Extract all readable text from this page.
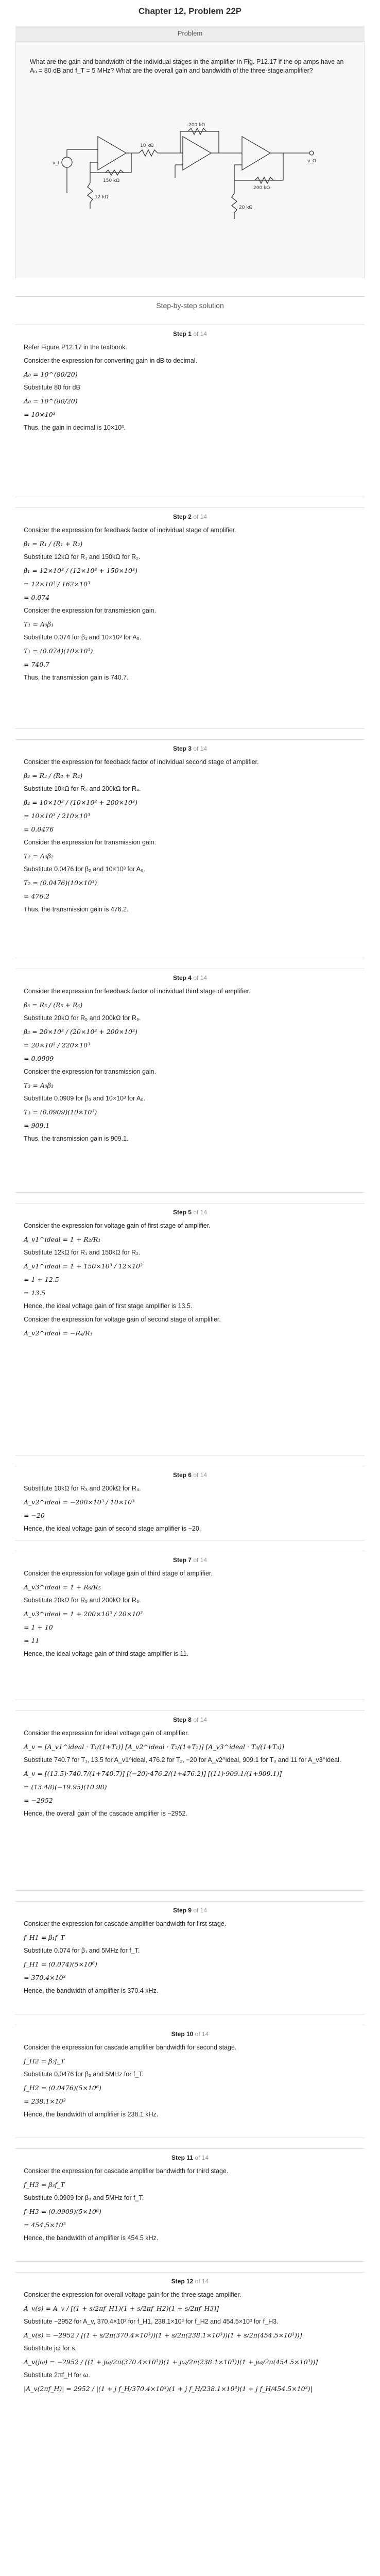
Chapter 12, Problem 22P
Problem
What are the gain and bandwidth of the individual stages in the amplifier in Fig. P12.17 if the op amps have an A₀ = 80 dB and f_T = 5 MHz? What are the overall gain and bandwidth of the three-stage amplifier?
v_I
12 kΩ
150 kΩ
10 kΩ
200 kΩ
20 kΩ
200 kΩ
v_O
Step-by-step solution
Step 1 of 14
Refer Figure P12.17 in the textbook.
Consider the expression for converting gain in dB to decimal.
A₀ = 10^(80/20)
Substitute 80 for dB
A₀ = 10^(80/20)
= 10×10³
Thus, the gain in decimal is 10×10³.
Step 2 of 14
Consider the expression for feedback factor of individual stage of amplifier.
β₁ = R₁ / (R₁ + R₂)
Substitute 12kΩ for R₁ and 150kΩ for R₂.
β₁ = 12×10³ / (12×10³ + 150×10³)
= 12×10³ / 162×10³
= 0.074
Consider the expression for transmission gain.
T₁ = A₀β₁
Substitute 0.074 for β₁ and 10×10³ for A₀.
T₁ = (0.074)(10×10³)
= 740.7
Thus, the transmission gain is 740.7.
Step 3 of 14
Consider the expression for feedback factor of individual second stage of amplifier.
β₂ = R₃ / (R₃ + R₄)
Substitute 10kΩ for R₃ and 200kΩ for R₄.
β₂ = 10×10³ / (10×10³ + 200×10³)
= 10×10³ / 210×10³
= 0.0476
Consider the expression for transmission gain.
T₂ = A₀β₂
Substitute 0.0476 for β₂ and 10×10³ for A₀.
T₂ = (0.0476)(10×10³)
= 476.2
Thus, the transmission gain is 476.2.
Step 4 of 14
Consider the expression for feedback factor of individual third stage of amplifier.
β₃ = R₅ / (R₅ + R₆)
Substitute 20kΩ for R₅ and 200kΩ for R₆.
β₃ = 20×10³ / (20×10³ + 200×10³)
= 20×10³ / 220×10³
= 0.0909
Consider the expression for transmission gain.
T₃ = A₀β₃
Substitute 0.0909 for β₃ and 10×10³ for A₀.
T₃ = (0.0909)(10×10³)
= 909.1
Thus, the transmission gain is 909.1.
Step 5 of 14
Consider the expression for voltage gain of first stage of amplifier.
A_v1^ideal = 1 + R₂/R₁
Substitute 12kΩ for R₁ and 150kΩ for R₂.
A_v1^ideal = 1 + 150×10³ / 12×10³
= 1 + 12.5
= 13.5
Hence, the ideal voltage gain of first stage amplifier is 13.5.
Consider the expression for voltage gain of second stage of amplifier.
A_v2^ideal = −R₄/R₃
Step 6 of 14
Substitute 10kΩ for R₃ and 200kΩ for R₄.
A_v2^ideal = −200×10³ / 10×10³
= −20
Hence, the ideal voltage gain of second stage amplifier is −20.
Step 7 of 14
Consider the expression for voltage gain of third stage of amplifier.
A_v3^ideal = 1 + R₆/R₅
Substitute 20kΩ for R₅ and 200kΩ for R₆.
A_v3^ideal = 1 + 200×10³ / 20×10³
= 1 + 10
= 11
Hence, the ideal voltage gain of third stage amplifier is 11.
Step 8 of 14
Consider the expression for ideal voltage gain of amplifier.
A_v = [A_v1^ideal · T₁/(1+T₁)] [A_v2^ideal · T₂/(1+T₂)] [A_v3^ideal · T₃/(1+T₃)]
Substitute 740.7 for T₁, 13.5 for A_v1^ideal, 476.2 for T₂, −20 for A_v2^ideal, 909.1 for T₃ and 11 for A_v3^ideal.
A_v = [(13.5)·740.7/(1+740.7)] [(−20)·476.2/(1+476.2)] [(11)·909.1/(1+909.1)]
= (13.48)(−19.95)(10.98)
= −2952
Hence, the overall gain of the cascade amplifier is −2952.
Step 9 of 14
Consider the expression for cascade amplifier bandwidth for first stage.
f_H1 = β₁f_T
Substitute 0.074 for β₁ and 5MHz for f_T.
f_H1 = (0.074)(5×10⁶)
= 370.4×10³
Hence, the bandwidth of amplifier is 370.4 kHz.
Step 10 of 14
Consider the expression for cascade amplifier bandwidth for second stage.
f_H2 = β₂f_T
Substitute 0.0476 for β₂ and 5MHz for f_T.
f_H2 = (0.0476)(5×10⁶)
= 238.1×10³
Hence, the bandwidth of amplifier is 238.1 kHz.
Step 11 of 14
Consider the expression for cascade amplifier bandwidth for third stage.
f_H3 = β₃f_T
Substitute 0.0909 for β₃ and 5MHz for f_T.
f_H3 = (0.0909)(5×10⁶)
= 454.5×10³
Hence, the bandwidth of amplifier is 454.5 kHz.
Step 12 of 14
Consider the expression for overall voltage gain for the three stage amplifier.
A_v(s) = A_v / [(1 + s/2πf_H1)(1 + s/2πf_H2)(1 + s/2πf_H3)]
Substitute −2952 for A_v, 370.4×10³ for f_H1, 238.1×10³ for f_H2 and 454.5×10³ for f_H3.
A_v(s) = −2952 / [(1 + s/2π(370.4×10³))(1 + s/2π(238.1×10³))(1 + s/2π(454.5×10³))]
Substitute jω for s.
A_v(jω) = −2952 / [(1 + jω/2π(370.4×10³))(1 + jω/2π(238.1×10³))(1 + jω/2π(454.5×10³))]
Substitute 2πf_H for ω.
|A_v(2πf_H)| = 2952 / |(1 + j f_H/370.4×10³)(1 + j f_H/238.1×10³)(1 + j f_H/454.5×10³)|
